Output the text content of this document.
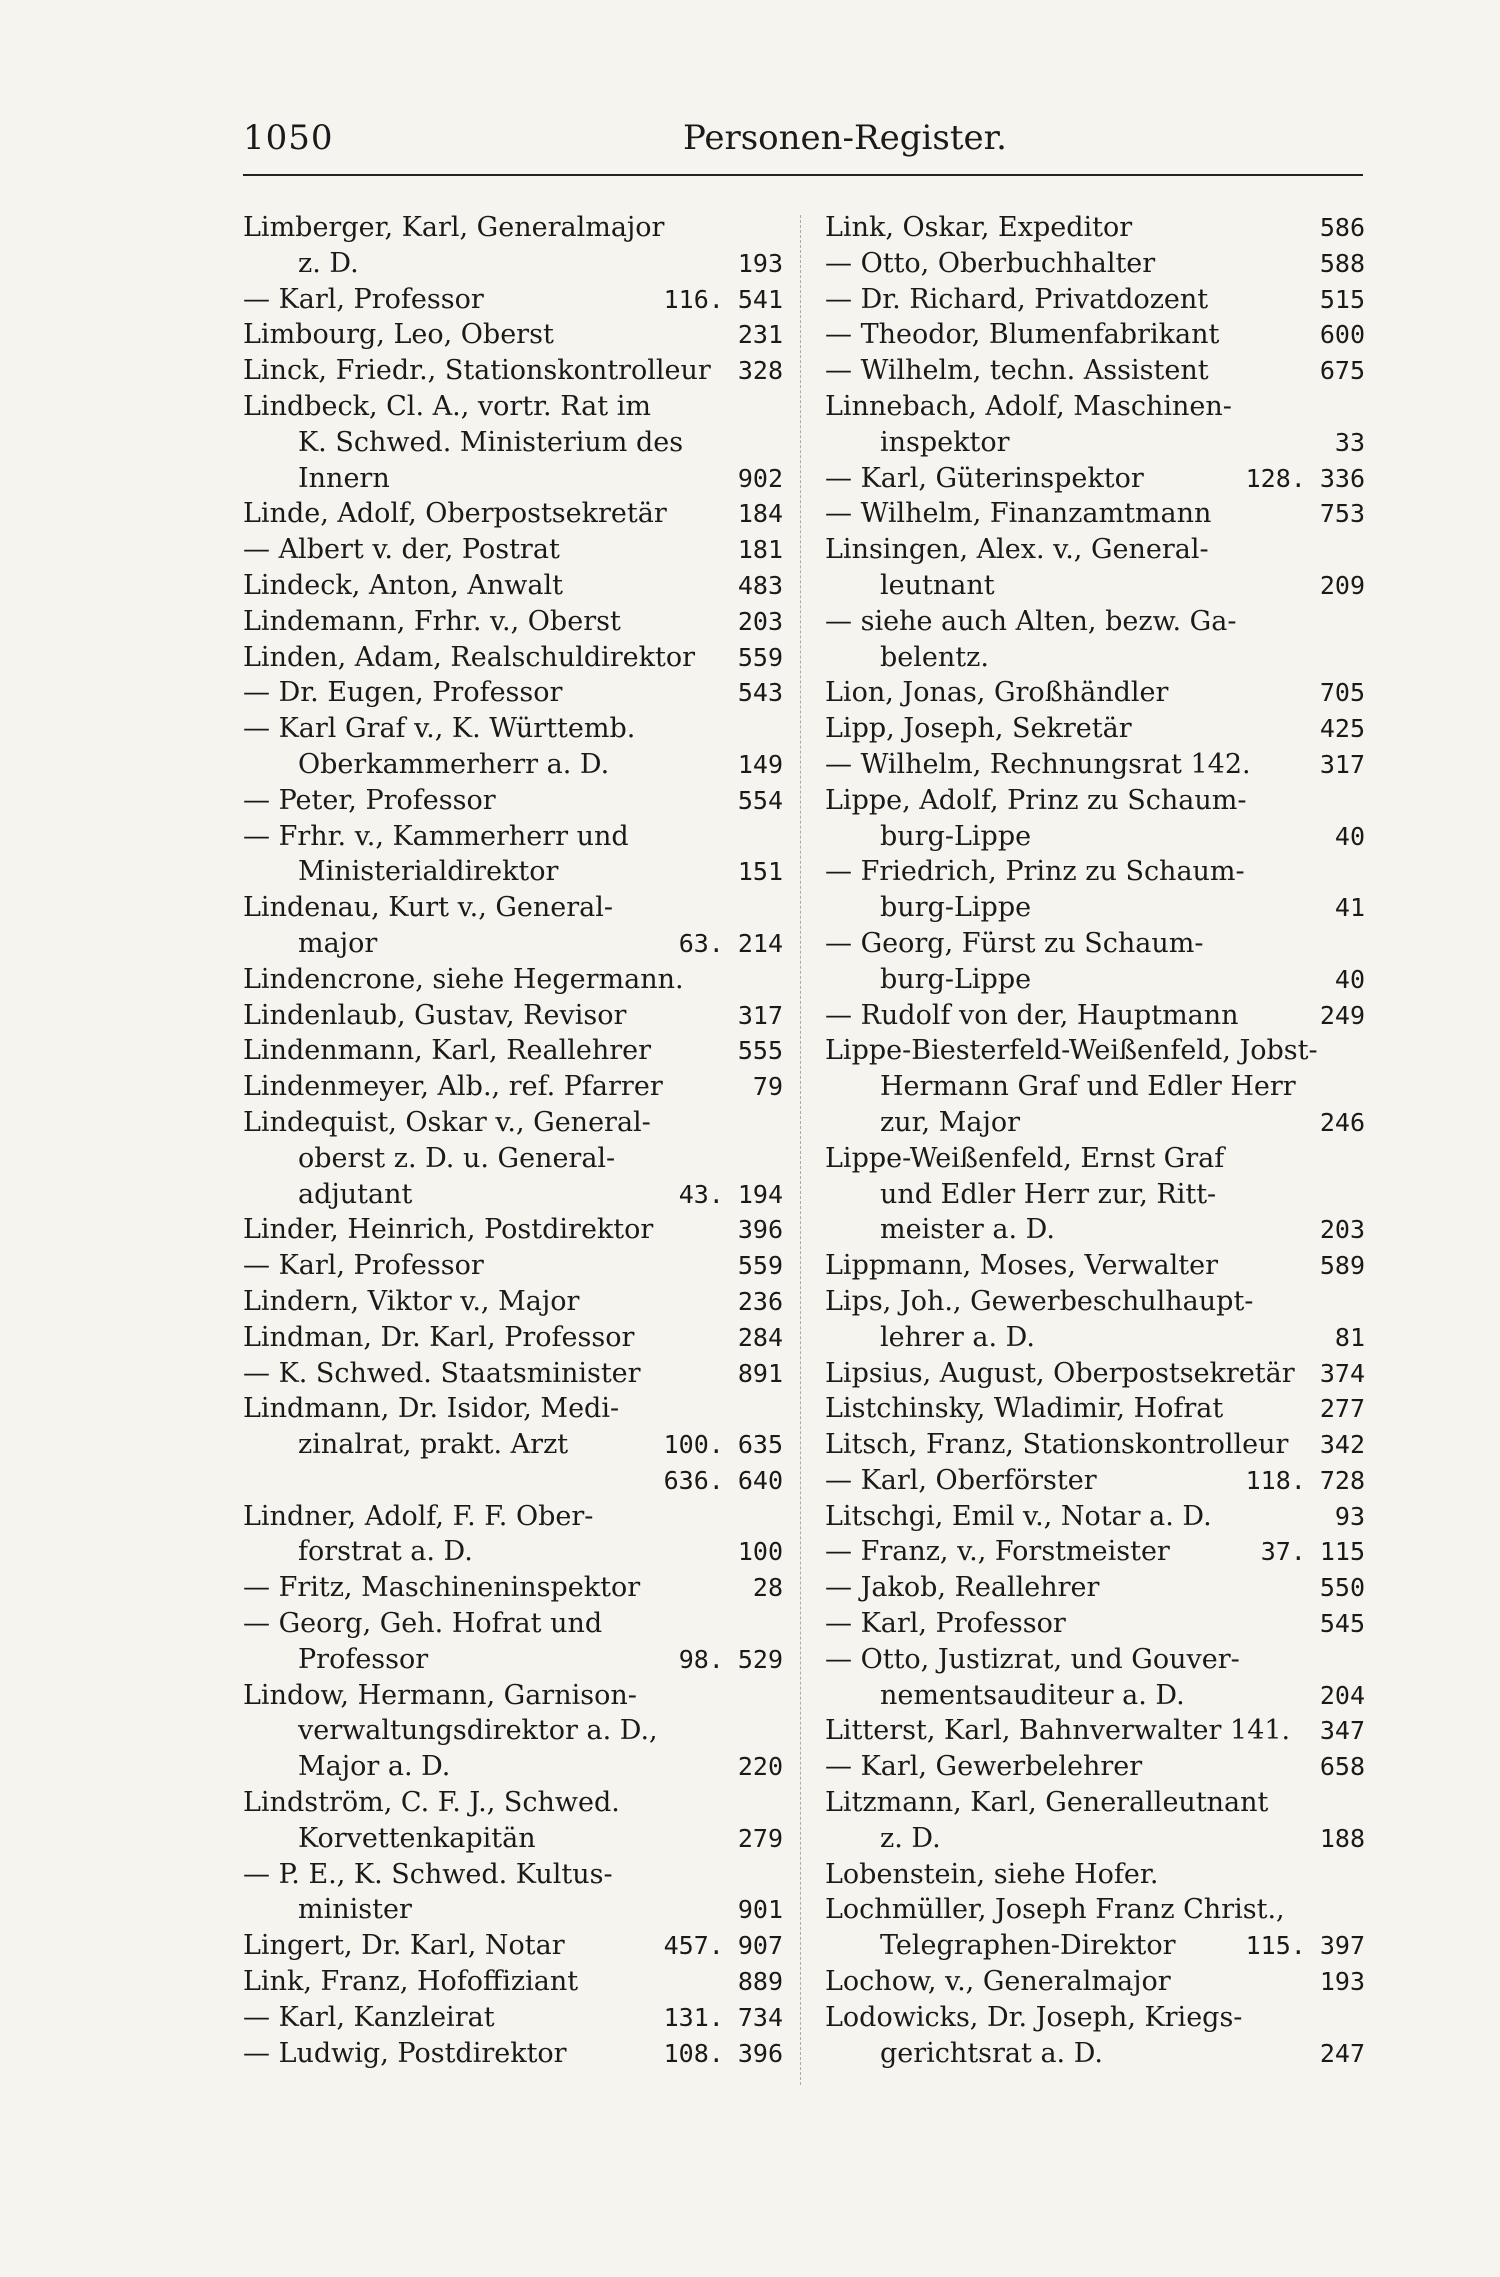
1050	Personen-Register.
Limberger, Karl, Generalmajor
z. D.	193
— Karl, Professor	116. 541
Limbourg, Leo, Oberst	231
Linck, Friedr., Stationskontrolleur 328
Lindbeck, Cl. A., vortr. Rat im
K. Schwed. Ministerium des
Innern	902
Linde, Adolf, Oberpostsekretär	184
— Albert v. der, Postrat	181
Lindeck, Anton, Anwalt	483
Lindemann, Frhr. v., Oberst	203
Linden, Adam, Realschuldirektor 559
— Dr. Eugen, Professor	543
— Karl Graf v., K. Württemb.
Oberkammerherr a. D.	149
— Peter, Professor	554
— Frhr. v., Kammerherr und
Ministerialdirektor	151
Lindenau, Kurt v., General-
major	63. 214
Lindencrone, siehe Hegermann.
Lindenlaub, Gustav, Revisor	317
Lindenmann, Karl, Reallehrer	555
Lindenmeyer, Alb., ref. Pfarrer	79
Lindequist, Oskar v., General-
oberst z. D. u. General-
adjutant	43. 194
Linder, Heinrich, Postdirektor	396
— Karl, Professor	559
Lindern, Viktor v., Major	236
Lindman, Dr. Karl, Professor	284
— K. Schwed. Staatsminister	891
Lindmann, Dr. Isidor, Medi-
zinalrat, prakt. Arzt	100. 635
636. 640
Lindner, Adolf, F. F. Ober-
forstrat a. D.	100
— Fritz, Maschineninspektor	28
— Georg, Geh. Hofrat und
Professor	98. 529
Lindow, Hermann, Garnison-
verwaltungsdirektor a. D.,
Major a. D.	220
Lindström, C. F. J., Schwed.
Korvettenkapitän	279
— P. E., K. Schwed. Kultus-
minister	901
Lingert, Dr. Karl, Notar	457. 907
Link, Franz, Hofoffiziant	889
— Karl, Kanzleirat	131. 734
— Ludwig, Postdirektor	108. 396
Link, Oskar, Expeditor	586
— Otto, Oberbuchhalter	588
— Dr. Richard, Privatdozent	515
— Theodor, Blumenfabrikant	600
— Wilhelm, techn. Assistent	675
Linnebach, Adolf, Maschinen-
inspektor	33
— Karl, Güterinspektor	128. 336
— Wilhelm, Finanzamtmann	753
Linsingen, Alex. v., General-
leutnant	209
— siehe auch Alten, bezw. Ga-
belentz.
Lion, Jonas, Großhändler	705
Lipp, Joseph, Sekretär	425
— Wilhelm, Rechnungsrat 142.	317
Lippe, Adolf, Prinz zu Schaum-
burg-Lippe	40
— Friedrich, Prinz zu Schaum-
burg-Lippe	41
— Georg, Fürst zu Schaum-
burg-Lippe	40
— Rudolf von der, Hauptmann	249
Lippe-Biesterfeld-Weißenfeld, Jobst-
Hermann Graf und Edler Herr
zur, Major	246
Lippe-Weißenfeld, Ernst Graf
und Edler Herr zur, Ritt-
meister a. D.	203
Lippmann, Moses, Verwalter	589
Lips, Joh., Gewerbeschulhaupt-
lehrer a. D.	81
Lipsius, August, Oberpostsekretär 374
Listchinsky, Wladimir, Hofrat	277
Litsch, Franz, Stationskontrolleur 342
— Karl, Oberförster	118. 728
Litschgi, Emil v., Notar a. D.	93
— Franz, v., Forstmeister	37. 115
— Jakob, Reallehrer	550
— Karl, Professor	545
— Otto, Justizrat, und Gouver-
nementsauditeur a. D.	204
Litterst, Karl, Bahnverwalter 141. 347
— Karl, Gewerbelehrer	658
Litzmann, Karl, Generalleutnant
z. D.	188
Lobenstein, siehe Hofer.
Lochmüller, Joseph Franz Christ.,
Telegraphen-Direktor	115. 397
Lochow, v., Generalmajor	193
Lodowicks, Dr. Joseph, Kriegs-
gerichtsrat a. D.	247
